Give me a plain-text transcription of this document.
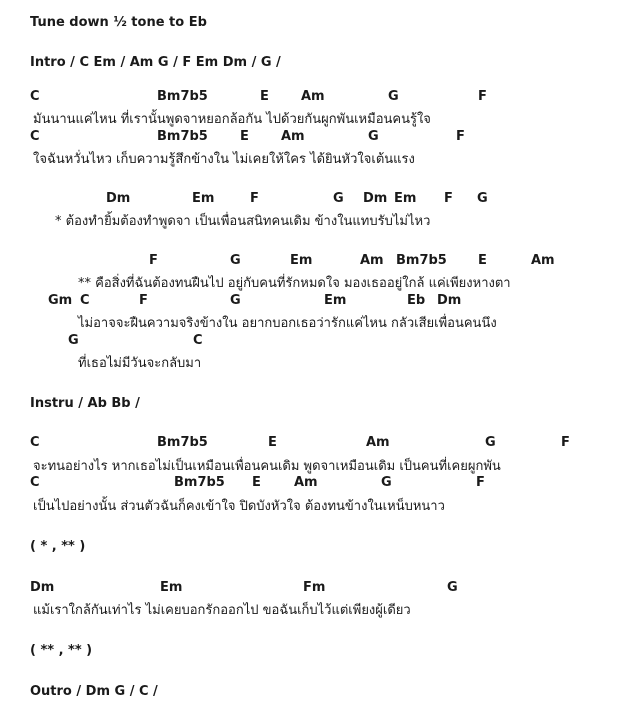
Tune down ½ tone to Eb
Intro / C Em / Am G / F Em Dm / G /
C	Bm7b5	E Am	G	F
มันนานแค่ไหน ที่เรานั้นพูดจาหยอกล้อกัน ไปด้วยกันผูกพันเหมือนคนรู้ใจ
C	Bm7b5 E Am	G	F
ใจฉันหวั่นไหว เก็บความรู้สึกข้างใน ไม่เคยให้ใคร ได้ยินหัวใจเต้นแรง
Dm	Em	F	G Dm Em F G
* ต้องทำยิ้มต้องทำพูดจา เป็นเพื่อนสนิทคนเดิม ข้างในแทบรับไม่ไหว
F	G	Em	Am Bm7b5 E	Am
** คือสิ่งที่ฉันต้องทนฝืนไป อยู่กับคนที่รักหมดใจ มองเธออยู่ใกล้ แค่เพียงหางตา
Gm C	F	G	Em	Eb Dm
ไม่อาจจะฝืนความจริงข้างใน อยากบอกเธอว่ารักแค่ไหน กลัวเสียเพื่อนคนนึง
G	C
ที่เธอไม่มีวันจะกลับมา
Instru / Ab Bb /
C	Bm7b5	E	Am	G	F
จะทนอย่างไร หากเธอไม่เป็นเหมือนเพื่อนคนเดิม พูดจาเหมือนเดิม เป็นคนที่เคยผูกพัน
C	Bm7b5 E	Am	G	F
เป็นไปอย่างนั้น ส่วนตัวฉันก็คงเข้าใจ ปิดบังหัวใจ ต้องทนข้างในเหน็บหนาว
( * , ** )
Dm	Em	Fm	G
แม้เราใกล้กันเท่าไร ไม่เคยบอกรักออกไป ขอฉันเก็บไว้แต่เพียงผู้เดียว
( ** , ** )
Outro / Dm G / C /
